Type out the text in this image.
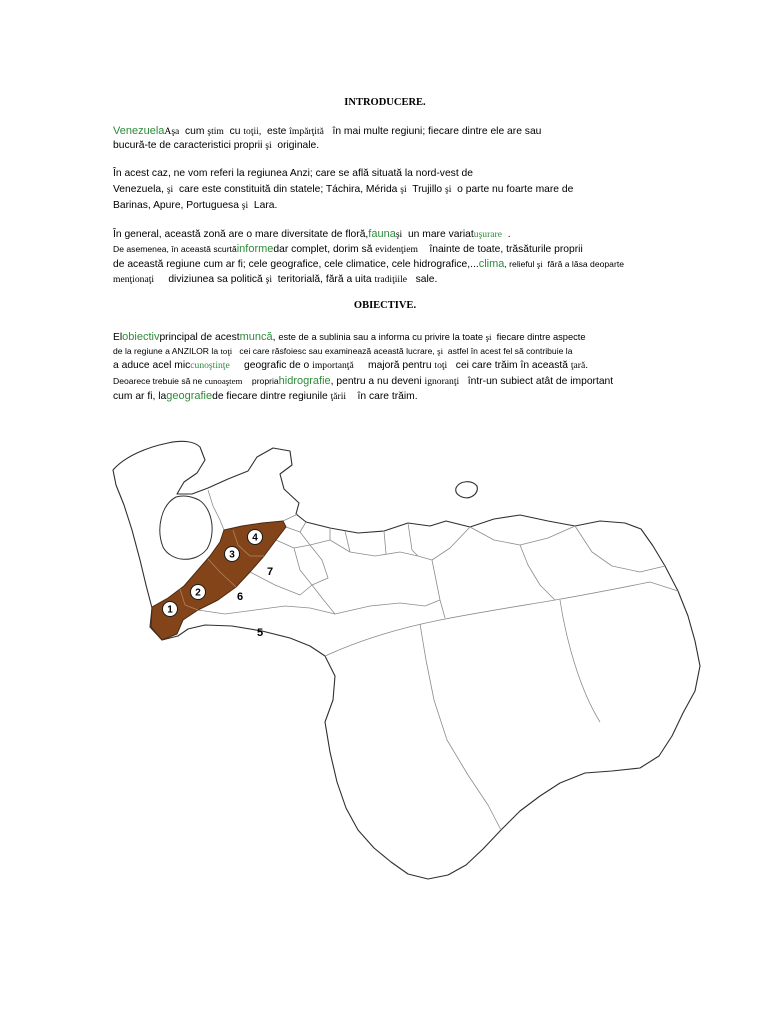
INTRODUCERE.
VenezuelaAşa  cum ştim  cu toţii,  este împărţită   în mai multe regiuni; fiecare dintre ele are sau
bucură-te de caracteristici proprii şi  originale.
În acest caz, ne vom referi la regiunea Anzi; care se află situată la nord-vest de
Venezuela, şi  care este constituită din statele; Táchira, Mérida şi  Trujillo şi  o parte nu foarte mare de
Barinas, Apure, Portuguesa şi  Lara.
În general, această zonă are o mare diversitate de floră,faunaşi  un mare variatuşurare  .
De asemenea, în această scurtăinformedar complet, dorim să evidenţiem    înainte de toate, trăsăturile proprii
de această regiune cum ar fi; cele geografice, cele climatice, cele hidrografice,...clima, relieful şi  fără a lăsa deoparte
menţionaţi     diviziunea sa politică şi  teritorială, fără a uita tradiţiile   sale.
OBIECTIVE.
Elobiectivprincipal de acestmuncă, este de a sublinia sau a informa cu privire la toate şi  fiecare dintre aspecte
de la regiune a ANZILOR la toţi   cei care răsfoiesc sau examinează această lucrare, şi  astfel în acest fel să contribuie la
a aduce acel miccunoştinţe     geografic de o importanţă     majoră pentru toţi   cei care trăim în această ţară.
Deoarece trebuie să ne cunoaştem    propriahidrografie, pentru a nu deveni ignoranţi   într-un subiect atât de important
cum ar fi, lageografiede fiecare dintre regiunile ţării    în care trăim.
1
2
3
4
5
6
7
